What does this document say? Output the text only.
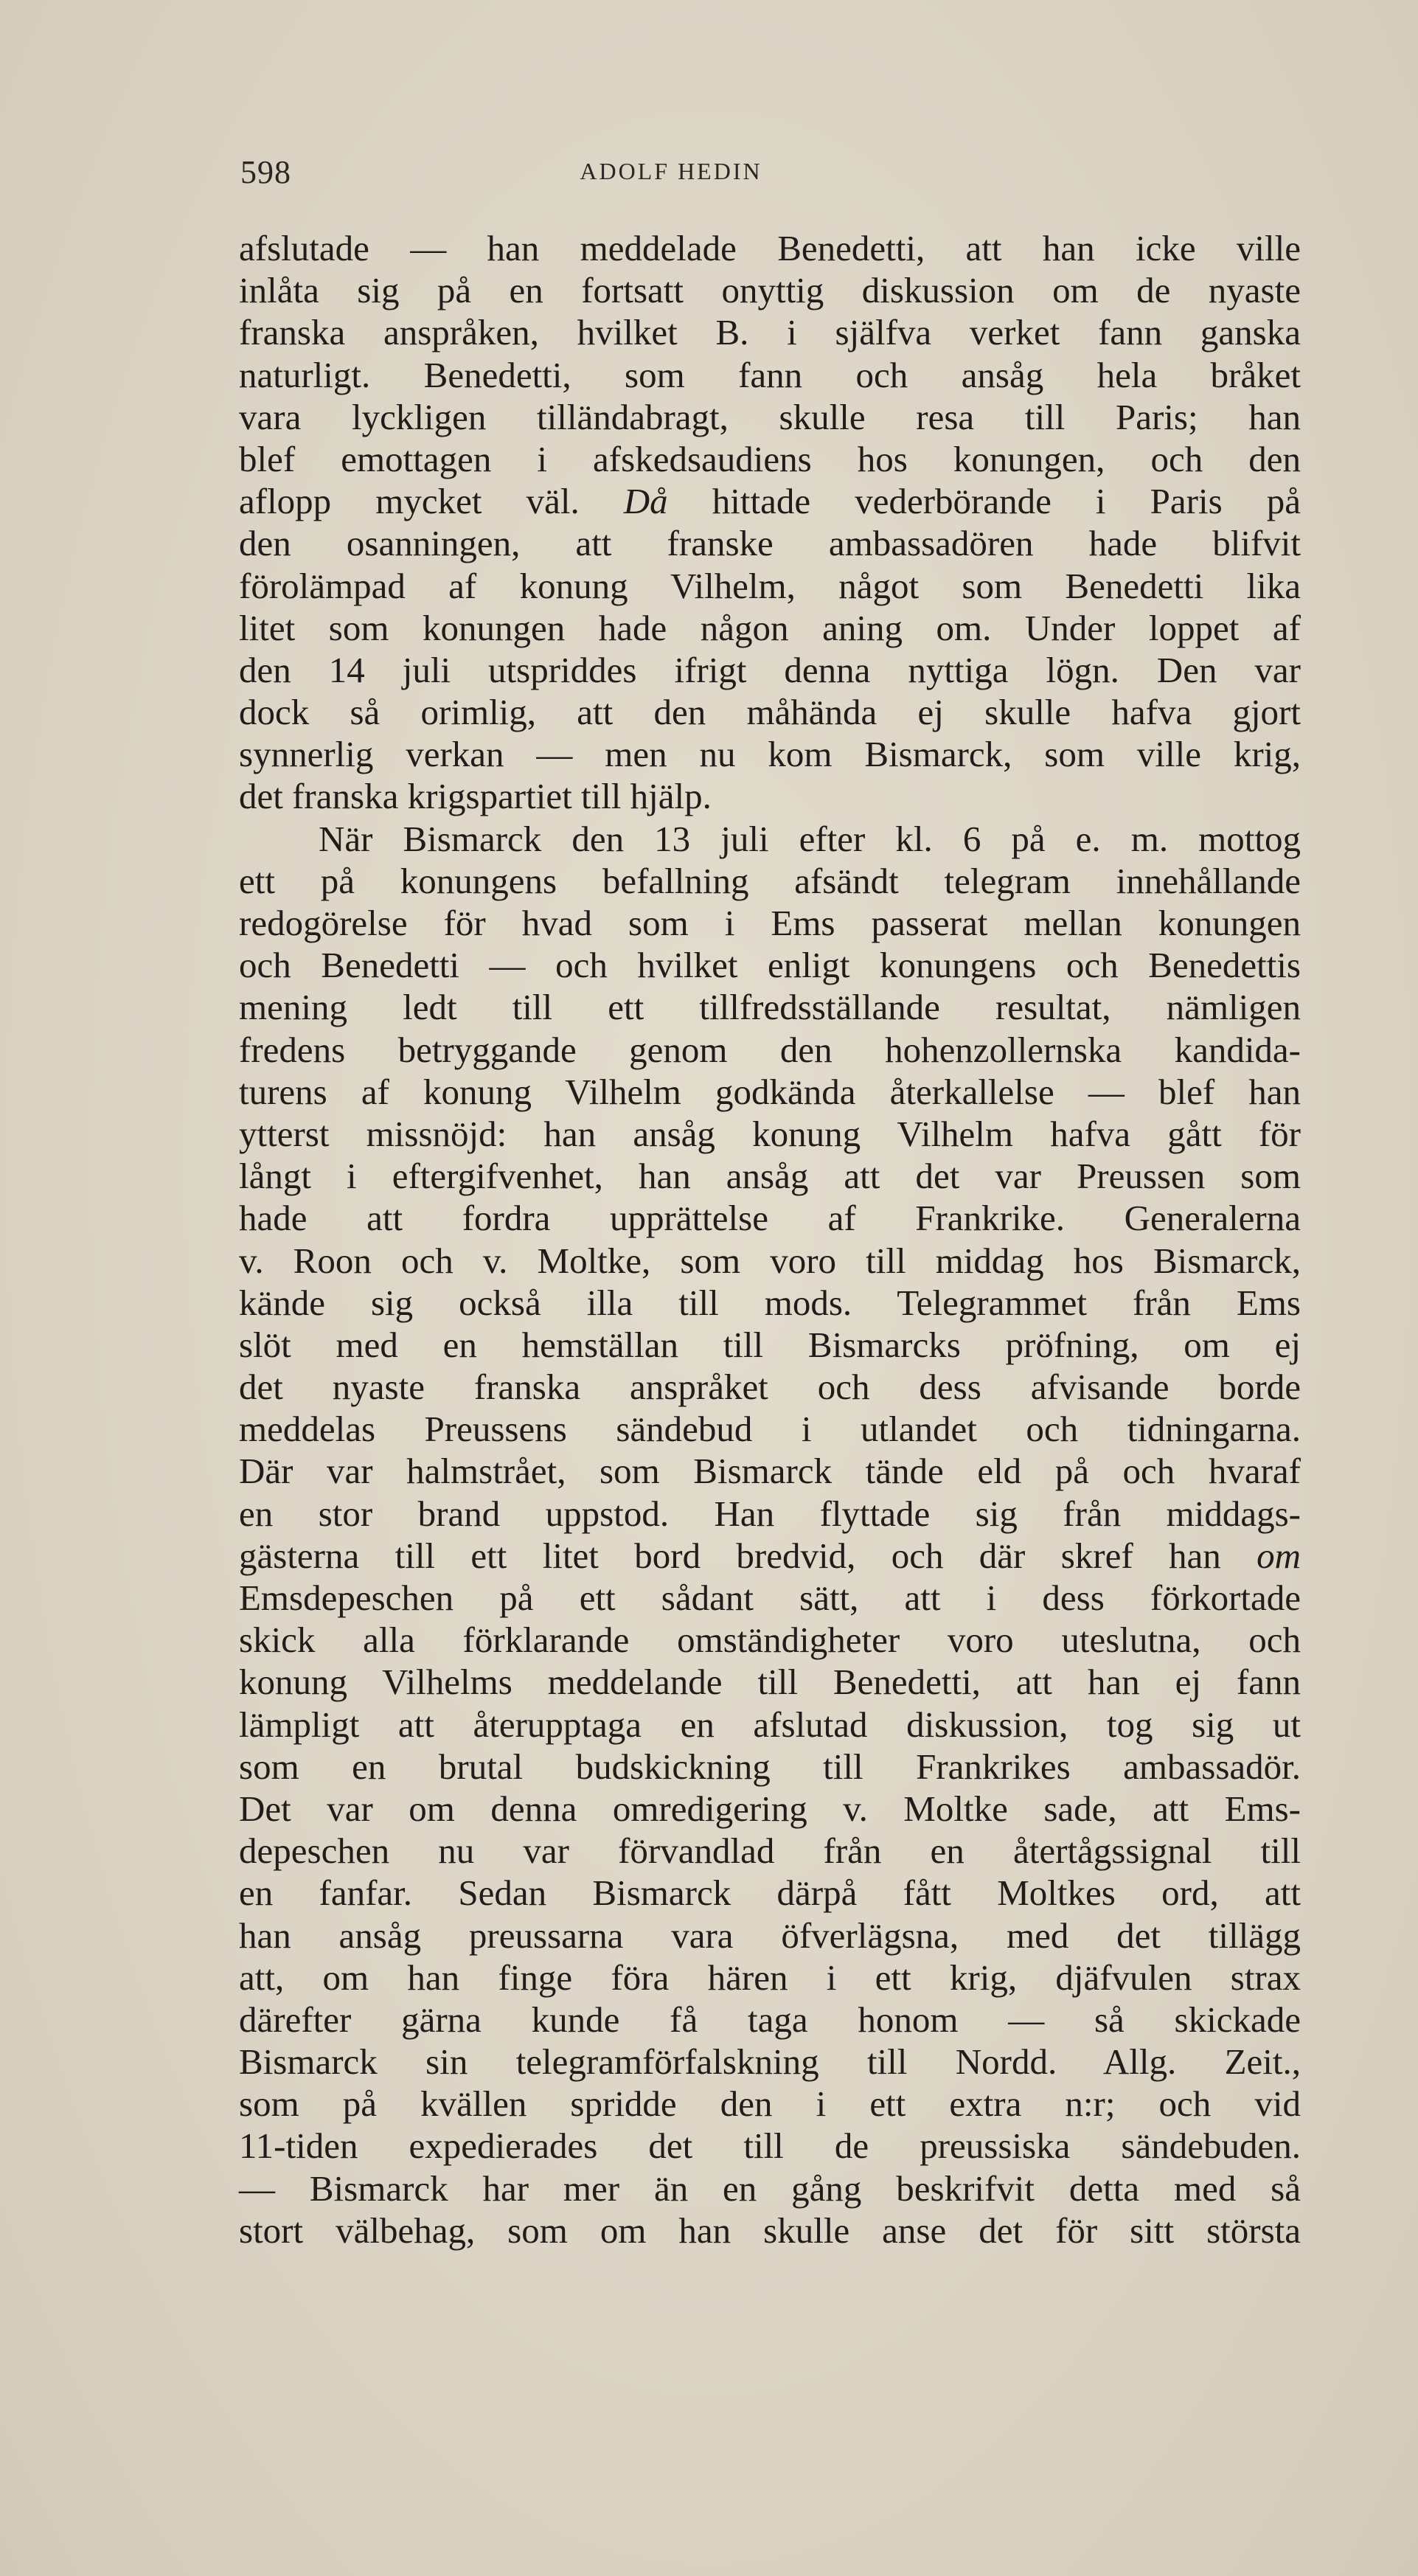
598	ADOLF HEDIN
afslutade — han meddelade Benedetti, att han icke ville
inlåta sig på en fortsatt onyttig diskussion om de nyaste
franska anspråken, hvilket B. i själfva verket fann ganska
naturligt. Benedetti, som fann och ansåg hela bråket
vara lyckligen tilländabragt, skulle resa till Paris; han
blef emottagen i afskedsaudiens hos konungen, och den
aflopp mycket väl. Då hittade vederbörande i Paris på
den osanningen, att franske ambassadören hade blifvit
förolämpad af konung Vilhelm, något som Benedetti lika
litet som konungen hade någon aning om. Under loppet af
den 14 juli utspriddes ifrigt denna nyttiga lögn. Den var
dock så orimlig, att den måhända ej skulle hafva gjort
synnerlig verkan — men nu kom Bismarck, som ville krig,
det franska krigspartiet till hjälp.
När Bismarck den 13 juli efter kl. 6 på e. m. mottog
ett på konungens befallning afsändt telegram innehållande
redogörelse för hvad som i Ems passerat mellan konungen
och Benedetti — och hvilket enligt konungens och Benedettis
mening ledt till ett tillfredsställande resultat, nämligen
fredens betryggande genom den hohenzollernska kandida-
turens af konung Vilhelm godkända återkallelse — blef han
ytterst missnöjd: han ansåg konung Vilhelm hafva gått för
långt i eftergifvenhet, han ansåg att det var Preussen som
hade att fordra upprättelse af Frankrike. Generalerna
v. Roon och v. Moltke, som voro till middag hos Bismarck,
kände sig också illa till mods. Telegrammet från Ems
slöt med en hemställan till Bismarcks pröfning, om ej
det nyaste franska anspråket och dess afvisande borde
meddelas Preussens sändebud i utlandet och tidningarna.
Där var halmstrået, som Bismarck tände eld på och hvaraf
en stor brand uppstod. Han flyttade sig från middags-
gästerna till ett litet bord bredvid, och där skref han om
Emsdepeschen på ett sådant sätt, att i dess förkortade
skick alla förklarande omständigheter voro uteslutna, och
konung Vilhelms meddelande till Benedetti, att han ej fann
lämpligt att återupptaga en afslutad diskussion, tog sig ut
som en brutal budskickning till Frankrikes ambassadör.
Det var om denna omredigering v. Moltke sade, att Ems-
depeschen nu var förvandlad från en återtågssignal till
en fanfar. Sedan Bismarck därpå fått Moltkes ord, att
han ansåg preussarna vara öfverlägsna, med det tillägg
att, om han finge föra hären i ett krig, djäfvulen strax
därefter gärna kunde få taga honom — så skickade
Bismarck sin telegramförfalskning till Nordd. Allg. Zeit.,
som på kvällen spridde den i ett extra n:r; och vid
11-tiden expedierades det till de preussiska sändebuden.
— Bismarck har mer än en gång beskrifvit detta med så
stort välbehag, som om han skulle anse det för sitt största
